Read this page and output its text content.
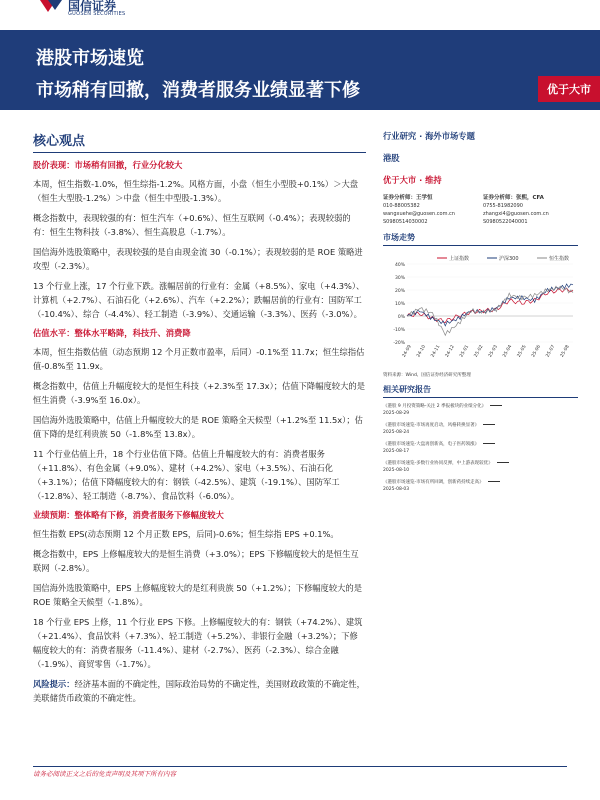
国信证券
GUOSEN SECURITIES
港股市场速览
市场稍有回撤，消费者服务业绩显著下修	优于大市
核心观点
股价表现：市场稍有回撤，行业分化较大
本周，恒生指数-1.0%，恒生综指-1.2%。风格方面，小盘（恒生小型股+0.1%）＞大盘（恒生大型股-1.2%）＞中盘（恒生中型股-1.3%）。
概念指数中，表现较强的有：恒生汽车（+0.6%）、恒生互联网（-0.4%）；表现较弱的有：恒生生物科技（-3.8%）、恒生高股息（-1.7%）。
国信海外选股策略中，表现较强的是自由现金流 30（-0.1%）；表现较弱的是 ROE 策略进攻型（-2.3%）。
13 个行业上涨，17 个行业下跌。涨幅居前的行业有：金属（+8.5%）、家电（+4.3%）、计算机（+2.7%）、石油石化（+2.6%）、汽车（+2.2%）；跌幅居前的行业有：国防军工（-10.4%）、综合（-4.4%）、轻工制造（-3.9%）、交通运输（-3.3%）、医药（-3.0%）。
估值水平：整体水平略降，科技升、消费降
本周，恒生指数估值（动态预期 12 个月正数市盈率，后同）-0.1%至 11.7x；恒生综指估值-0.8%至 11.9x。
概念指数中，估值上升幅度较大的是恒生科技（+2.3%至 17.3x）；估值下降幅度较大的是恒生消费（-3.9%至 16.0x）。
国信海外选股策略中，估值上升幅度较大的是 ROE 策略全天候型（+1.2%至 11.5x）；估值下降的是红利贵族 50（-1.8%至 13.8x）。
11 个行业估值上升，18 个行业估值下降。估值上升幅度较大的有：消费者服务（+11.8%）、有色金属（+9.0%）、建材（+4.2%）、家电（+3.5%）、石油石化（+3.1%）；估值下降幅度较大的有：钢铁（-42.5%）、建筑（-19.1%）、国防军工（-12.8%）、轻工制造（-8.7%）、食品饮料（-6.0%）。
业绩预期：整体略有下修，消费者服务下修幅度较大
恒生指数 EPS(动态预期 12 个月正数 EPS，后同)-0.6%；恒生综指 EPS +0.1%。
概念指数中，EPS 上修幅度较大的是恒生消费（+3.0%）；EPS 下修幅度较大的是恒生互联网（-2.8%）。
国信海外选股策略中，EPS 上修幅度较大的是红利贵族 50（+1.2%）；下修幅度较大的是 ROE 策略全天候型（-1.8%）。
18 个行业 EPS 上修，11 个行业 EPS 下修。上修幅度较大的有：钢铁（+74.2%）、建筑（+21.4%）、食品饮料（+7.3%）、轻工制造（+5.2%）、非银行金融（+3.2%）；下修幅度较大的有：消费者服务（-11.4%）、建材（-2.7%）、医药（-2.3%）、综合金融（-1.9%）、商贸零售（-1.7%）。
风险提示：经济基本面的不确定性，国际政治局势的不确定性，美国财政政策的不确定性，美联储货币政策的不确定性。
行业研究 · 海外市场专题
港股
优于大市 · 维持
证券分析师：王学恒
010-88005382
wangxuehe@guosen.com.cn
S0980514030002
证券分析师：张熙，CFA
0755-81982090
zhangxi4@guosen.com.cn
S0980522040001
市场走势
40%
30%
20%
10%
0%
-10%
-20%
24-09 24-10 24-11 24-12 25-01 25-02 25-03 25-04 25-05 25-06 25-07 25-08
上证指数	沪深300	恒生指数
资料来源：Wind、国信证券经济研究所整理
相关研究报告
《港股 9 月投资策略-关注 2 季报板块的业绩分化》
2025-08-29
《港股市场速览-市场再度启动，风格转换显著》
2025-08-24
《港股市场速览-大盘再创新高，电子医药领涨》
2025-08-17
《港股市场速览-多数行业协同反弹，中上游表现较优》
2025-08-10
《港股市场速览-市场有所回调，创新药持续走高》
2025-08-03
请务必阅读正文之后的免责声明及其项下所有内容
